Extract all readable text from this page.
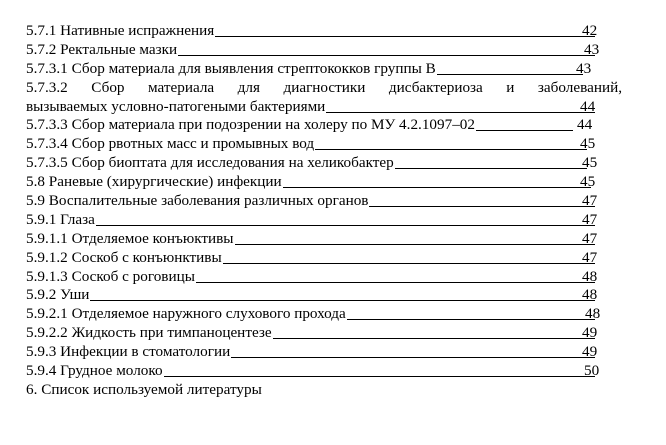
5.7.1 Нативные испражнения	42
5.7.2 Ректальные мазки	43
5.7.3.1 Сбор материала для выявления стрептококков группы В	43
5.7.3.2 Сбор материала для диагностики дисбактериоза и заболеваний,
вызываемых условно-патогеными бактериями	44
5.7.3.3 Сбор материала при подозрении на холеру по МУ 4.2.1097–02	44
5.7.3.4 Сбор рвотных масс и промывных вод	45
5.7.3.5 Сбор биоптата для исследования на хеликобактер	45
5.8 Раневые (хирургические) инфекции	45
5.9 Воспалительные заболевания различных органов	47
5.9.1 Глаза	47
5.9.1.1 Отделяемое конъюктивы	47
5.9.1.2 Соскоб с конъюнктивы	47
5.9.1.3 Соскоб с роговицы	48
5.9.2 Уши	48
5.9.2.1 Отделяемое наружного слухового прохода	48
5.9.2.2 Жидкость при тимпаноцентезе	49
5.9.3 Инфекции в стоматологии	49
5.9.4 Грудное молоко	50
6. Список используемой литературы
